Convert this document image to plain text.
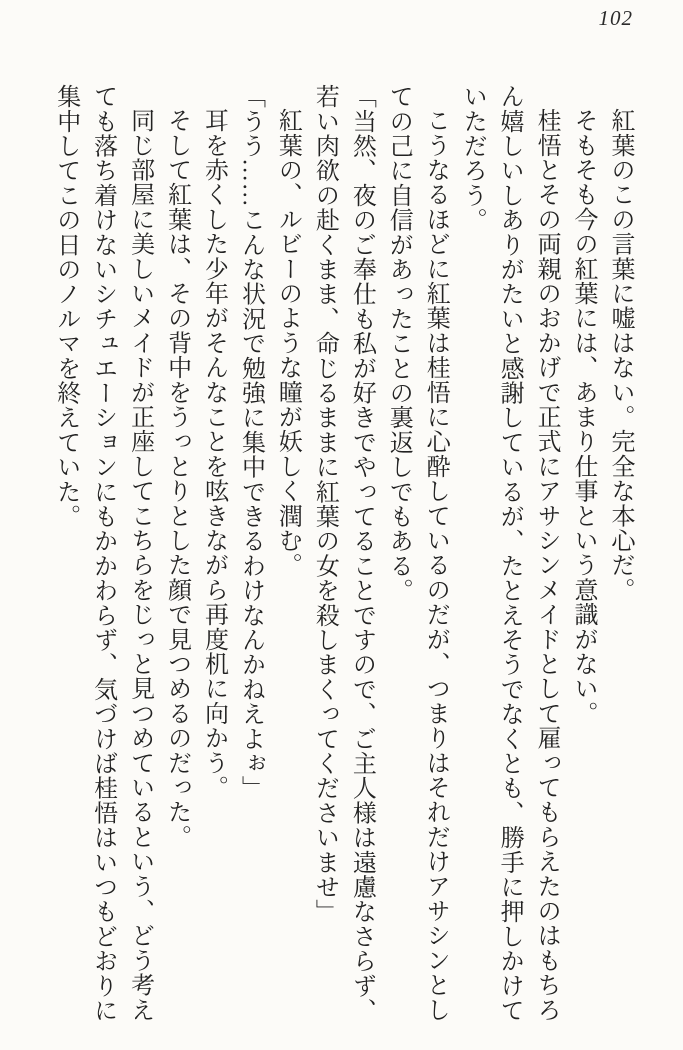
102

紅葉のこの言葉に嘘はない。完全な本心だ。

そもそも今の紅葉には、あまり仕事という意識がない。

桂悟とその両親のおかげで正式にアサシンメイドとして雇ってもらえたのはもちろん嬉しいしありがたいと感謝しているが、たとえそうでなくとも、勝手に押しかけていただろう。

こうなるほどに紅葉は桂悟に心酔しているのだが、つまりはそれだけアサシンとしての己に自信があったことの裏返しでもある。

「当然、夜のご奉仕も私が好きでやってることですので、ご主人様は遠慮なさらず、若い肉欲の赴くまま、命じるままに紅葉の女を殺しまくってくださいませ」

紅葉の、ルビーのような瞳が妖しく潤む。

「うう……こんな状況で勉強に集中できるわけなんかねえよぉ」

耳を赤くした少年がそんなことを呟きながら再度机に向かう。

そして紅葉は、その背中をうっとりとした顔で見つめるのだった。

同じ部屋に美しいメイドが正座してこちらをじっと見つめているという、どう考えても落ち着けないシチュエーションにもかかわらず、気づけば桂悟はいつもどおりに集中してこの日のノルマを終えていた。
